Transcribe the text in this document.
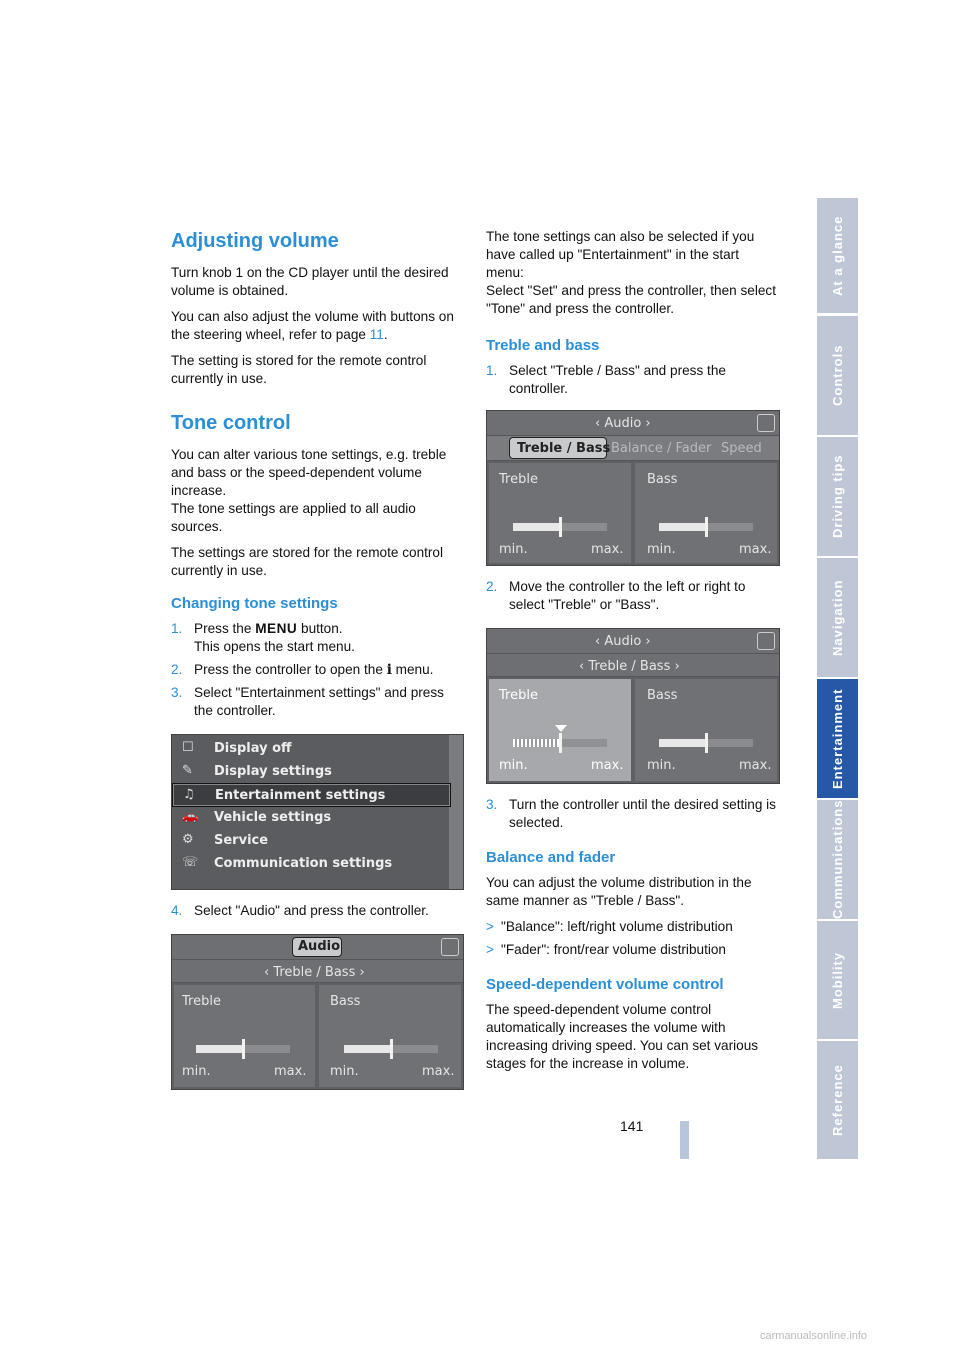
Adjusting volume

Turn knob 1 on the CD player until the desired volume is obtained.

You can also adjust the volume with buttons on the steering wheel, refer to page 11.

The setting is stored for the remote control currently in use.

Tone control

You can alter various tone settings, e.g. treble and bass or the speed-dependent volume increase.

The tone settings are applied to all audio sources.

The settings are stored for the remote control currently in use.

Changing tone settings
1. Press the MENU button.
This opens the start menu.
2. Press the controller to open the i menu.
3. Select "Entertainment settings" and press the controller.
☐ Display off
✎ Display settings
♫ Entertainment settings
🚗 Vehicle settings
⚙ Service
☏ Communication settings
4. Select "Audio" and press the controller.
Audio
‹ Treble / Bass ›
Treble	Bass
min.	max. min.	max.

The tone settings can also be selected if you have called up "Entertainment" in the start menu:

Select "Set" and press the controller, then select "Tone" and press the controller.

Treble and bass
1. Select "Treble / Bass" and press the controller.
‹ Audio ›
Treble / Bass Balance / Fader Speed
Treble	Bass
min.	max. min.	max.
2. Move the controller to the left or right to select "Treble" or "Bass".
‹ Audio ›
‹ Treble / Bass ›
Treble	Bass
min.	max. min.	max.
3. Turn the controller until the desired setting is selected.
Balance and fader

You can adjust the volume distribution in the same manner as "Treble / Bass".

> "Balance": left/right volume distribution
> "Fader": front/rear volume distribution
Speed-dependent volume control

The speed-dependent volume control automatically increases the volume with increasing driving speed. You can set various stages for the increase in volume.

At a glance
Controls
Driving tips
Navigation
Entertainment
Communications
Mobility
Reference
141
carmanualsonline.info
